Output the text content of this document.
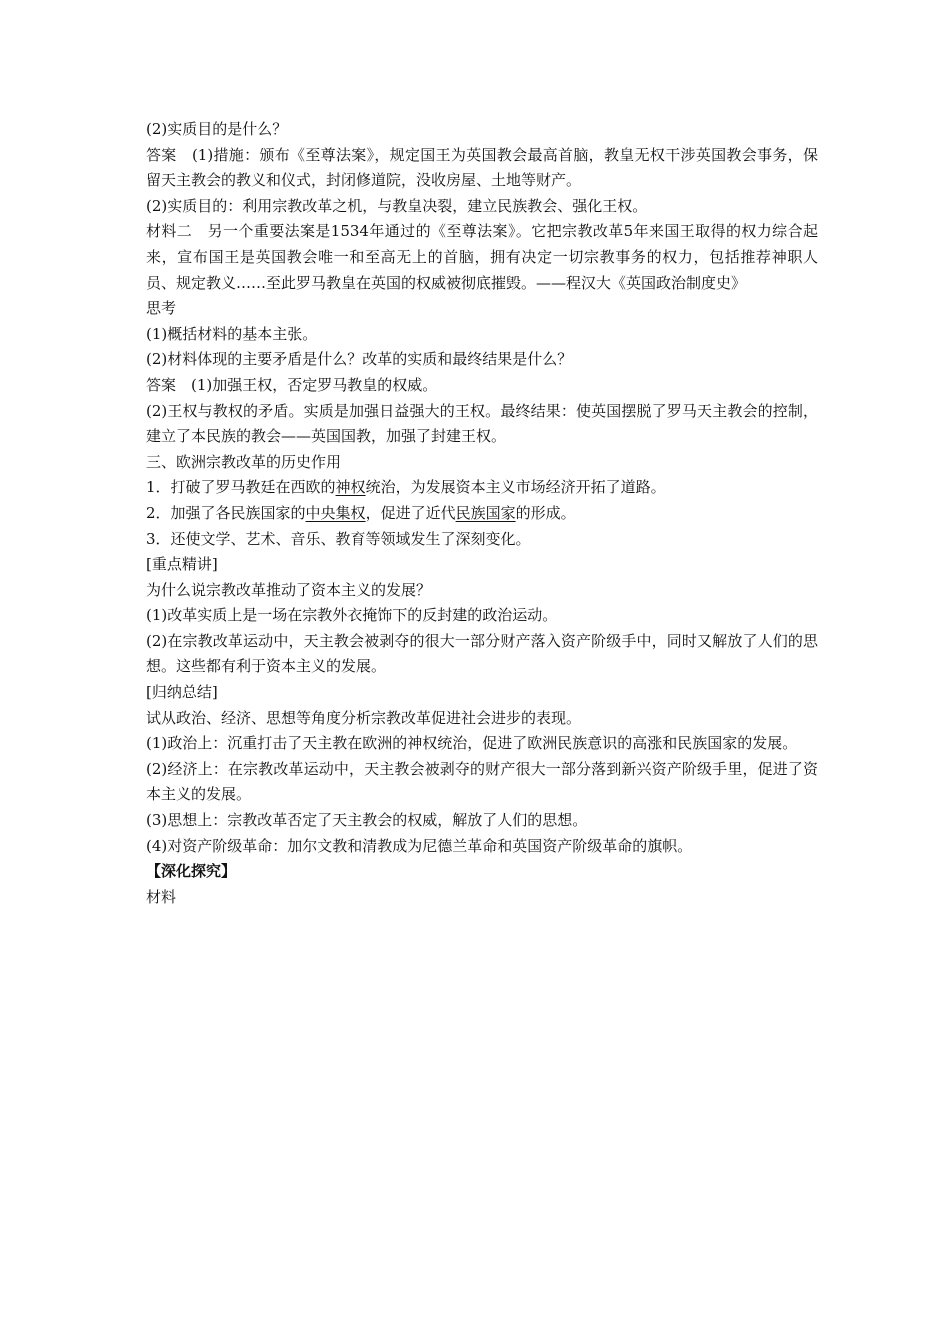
(2)实质目的是什么？
答案　 (1)措施：颁布《至尊法案》，规定国王为英国教会最高首脑，教皇无权干涉英国教会事务，保留天主教会的教义和仪式，封闭修道院，没收房屋、土地等财产。
(2)实质目的：利用宗教改革之机，与教皇决裂，建立民族教会、强化王权。
材料二　 另一个重要法案是1534年通过的《至尊法案》。它把宗教改革5年来国王取得的权力综合起来，宣布国王是英国教会唯一和至高无上的首脑，拥有决定一切宗教事务的权力，包括推荐神职人员、规定教义……至此罗马教皇在英国的权威被彻底摧毁。——程汉大《英国政治制度史》
思考
(1)概括材料的基本主张。
(2)材料体现的主要矛盾是什么？改革的实质和最终结果是什么？
答案　 (1)加强王权，否定罗马教皇的权威。
(2)王权与教权的矛盾。实质是加强日益强大的王权。最终结果：使英国摆脱了罗马天主教会的控制，建立了本民族的教会——英国国教，加强了封建王权。
三、欧洲宗教改革的历史作用
1．打破了罗马教廷在西欧的神权统治，为发展资本主义市场经济开拓了道路。
2．加强了各民族国家的中央集权，促进了近代民族国家的形成。
3．还使文学、艺术、音乐、教育等领域发生了深刻变化。
[重点精讲]
为什么说宗教改革推动了资本主义的发展？
(1)改革实质上是一场在宗教外衣掩饰下的反封建的政治运动。
(2)在宗教改革运动中，天主教会被剥夺的很大一部分财产落入资产阶级手中，同时又解放了人们的思想。这些都有利于资本主义的发展。
[归纳总结]
试从政治、经济、思想等角度分析宗教改革促进社会进步的表现。
(1)政治上：沉重打击了天主教在欧洲的神权统治，促进了欧洲民族意识的高涨和民族国家的发展。
(2)经济上：在宗教改革运动中，天主教会被剥夺的财产很大一部分落到新兴资产阶级手里，促进了资本主义的发展。
(3)思想上：宗教改革否定了天主教会的权威，解放了人们的思想。
(4)对资产阶级革命：加尔文教和清教成为尼德兰革命和英国资产阶级革命的旗帜。
【深化探究】
材料
